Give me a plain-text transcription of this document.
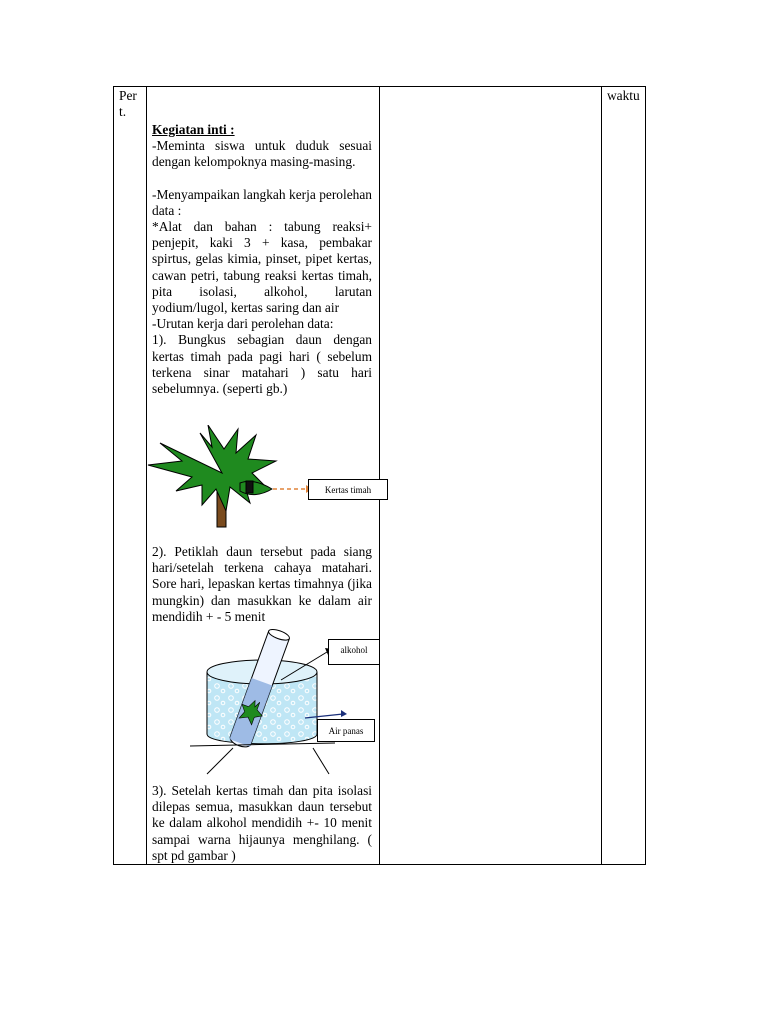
Pert.
waktu
Kegiatan inti :
-Meminta siswa untuk duduk sesuai dengan kelompoknya masing-masing.
-Menyampaikan langkah kerja perolehan data :
*Alat dan bahan : tabung reaksi+ penjepit, kaki 3 + kasa, pembakar spirtus, gelas kimia, pinset, pipet kertas, cawan petri, tabung reaksi kertas timah, pita isolasi, alkohol, larutan yodium/lugol, kertas saring dan air
-Urutan kerja dari perolehan data:
1). Bungkus sebagian daun dengan kertas timah pada pagi hari ( sebelum terkena sinar matahari ) satu hari sebelumnya. (seperti gb.)
Kertas timah
2). Petiklah daun tersebut pada siang hari/setelah terkena cahaya matahari. Sore hari, lepaskan kertas timahnya (jika mungkin) dan masukkan ke dalam air mendidih + - 5 menit
alkohol
Air panas
3). Setelah kertas timah dan pita isolasi dilepas semua, masukkan daun tersebut ke dalam alkohol mendidih +- 10 menit sampai warna hijaunya menghilang. ( spt pd gambar )
